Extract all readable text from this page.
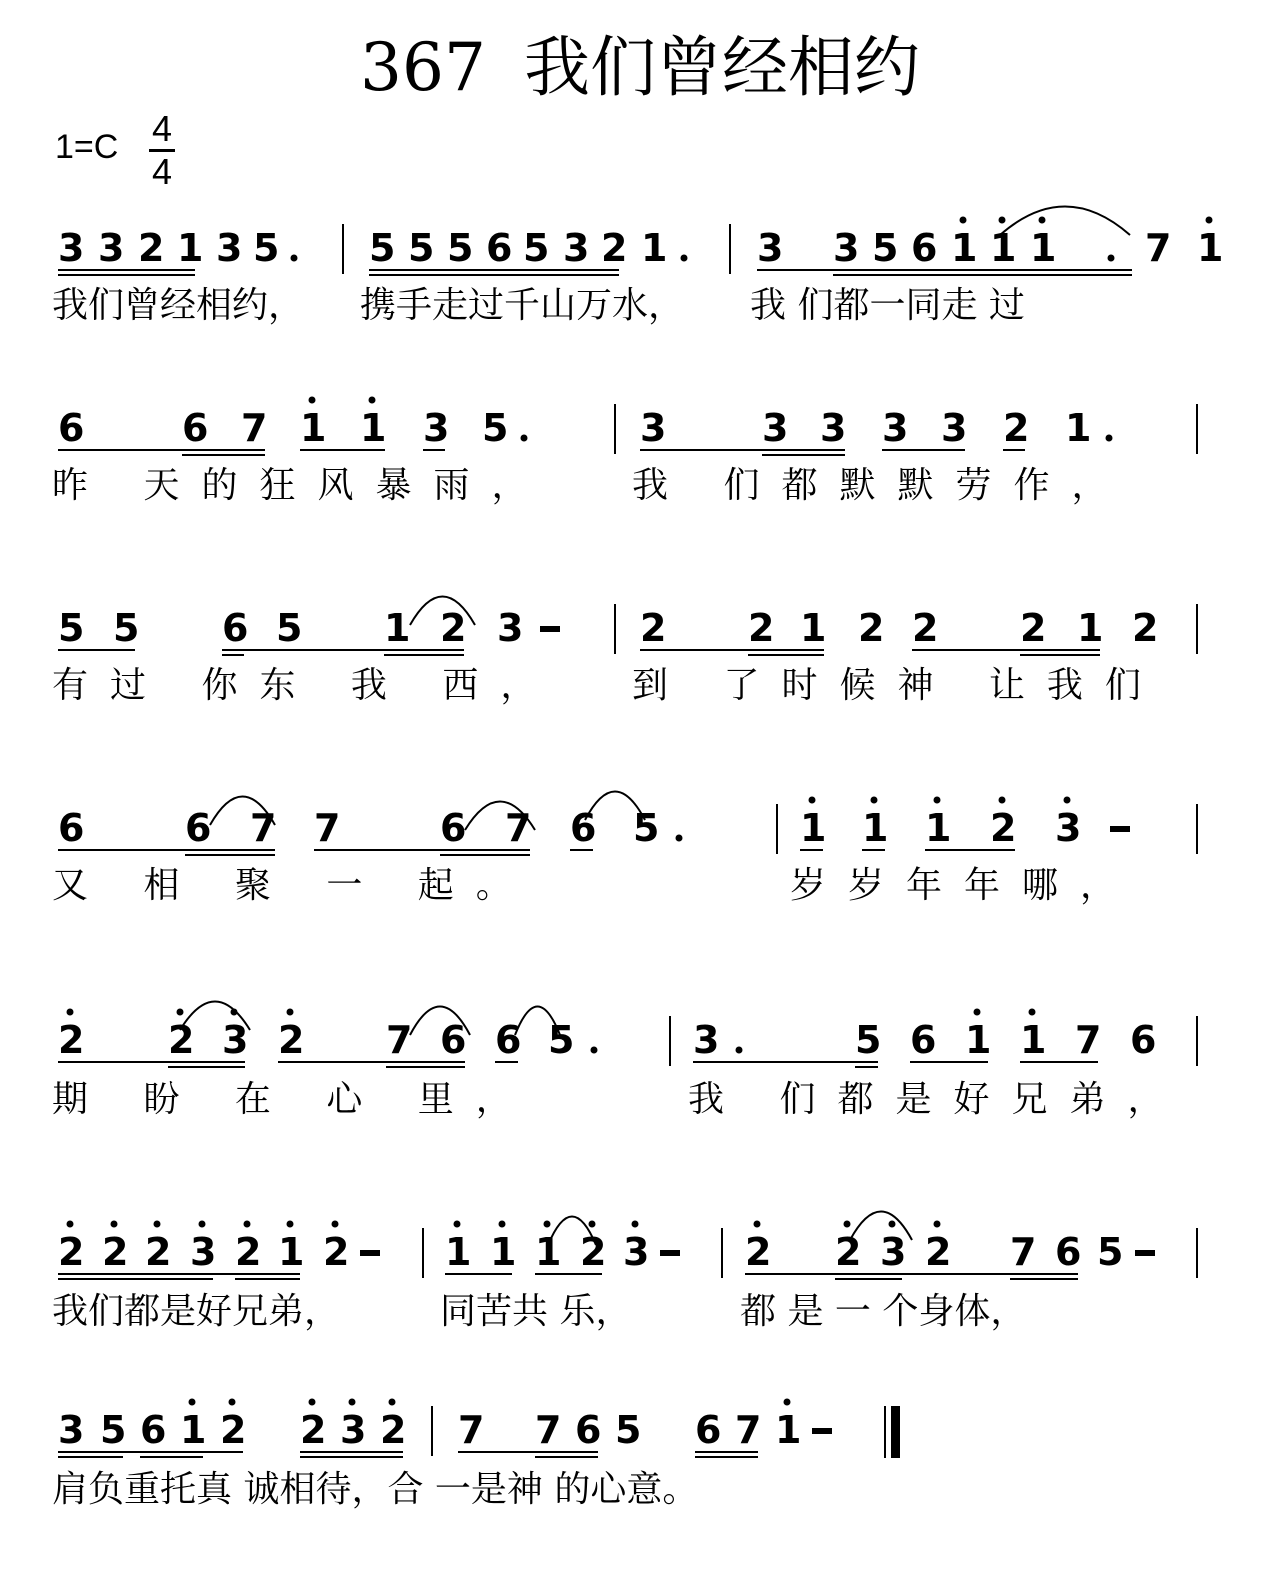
367 我们曾经相约
1=C 4
4
3 3 2 1 3 5 5 5 5 6 5 3 2 1 3 3 5 6 1 1 1 7 1
我们曾经相约， 携手走过千山万水， 我 们都一同走 过
6	6 7 1 1 3 5	3	3 3 3 3 2 1
昨 天的狂风暴雨， 我 们都默默劳作，
5 5 6 5 1 2 3	2 2 1 2 2 2 1 2
有过 你东 我 西， 到 了时候神 让我们
6	6 7 7	6 7 6 5	1 1 1 2 3
又 相 聚 一 起。	岁岁年年哪，
2 2 3 2 7 6 6 5	3	5 6 1 1 7 6
期 盼 在 心 里，	我 们都是好兄弟，
2 2 2 3 2 1 2	1 1 1 2 3	2 2 3 2 7 6 5
我们都是好兄弟，	同苦共 乐，	都 是 一 个身体，
3 5 6 1 2 2 3 2 7 7 6 5 6 7 1
肩负重托真 诚相待，合 一是神 的心意。
